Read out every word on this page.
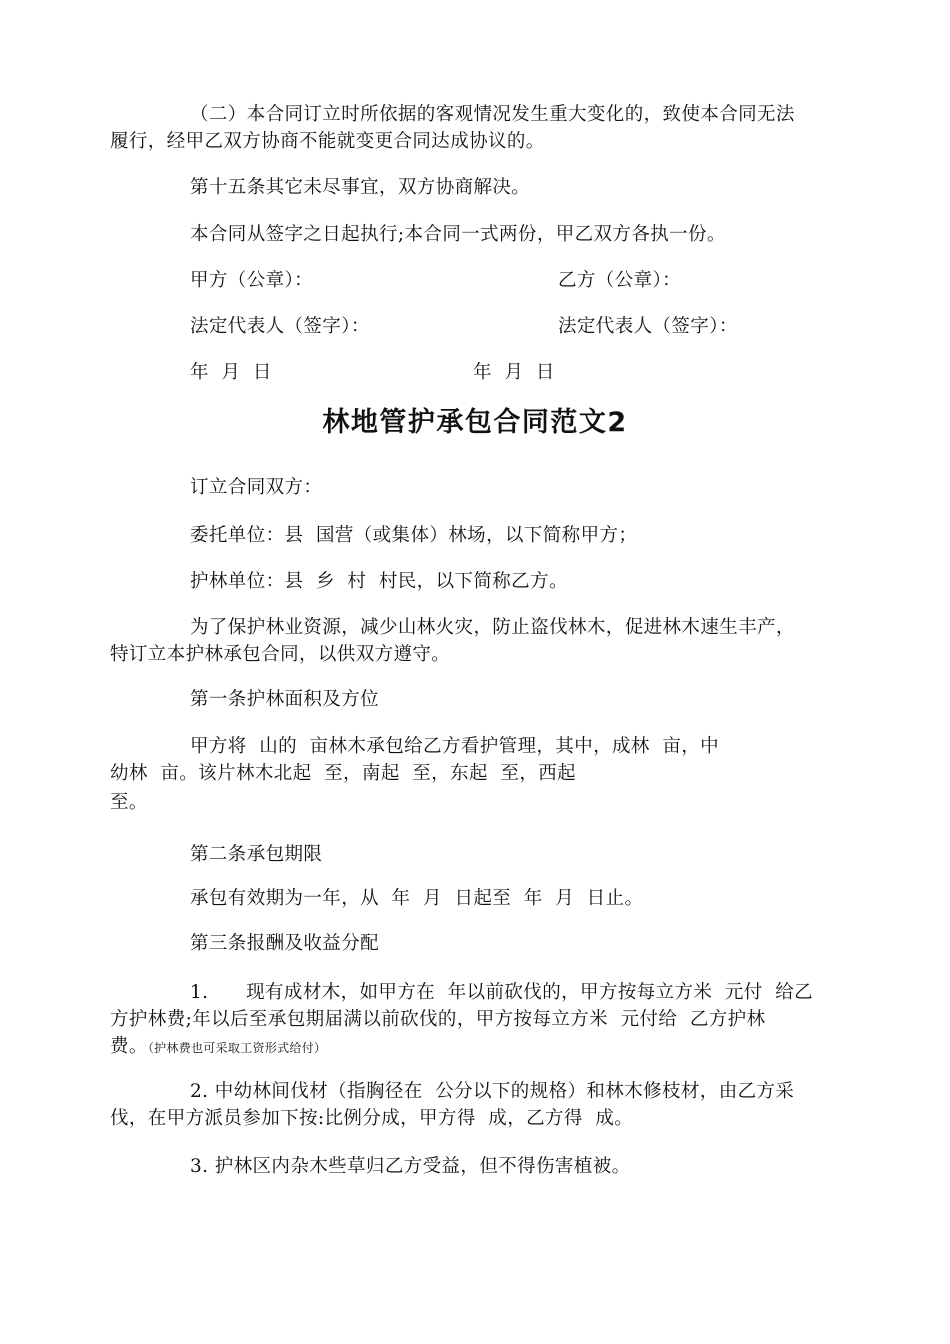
（二）本合同订立时所依据的客观情况发生重大变化的，致使本合同无法
履行，经甲乙双方协商不能就变更合同达成协议的。
第十五条其它未尽事宜，双方协商解决。
本合同从签字之日起执行;本合同一式两份，甲乙双方各执一份。
甲方（公章）：	乙方（公章）：
法定代表人（签字）：	法定代表人（签字）：
年  月  日	年  月  日
林地管护承包合同范文2
订立合同双方：
委托单位：县  国营（或集体）林场，以下简称甲方；
护林单位：县  乡  村  村民，以下简称乙方。
为了保护林业资源，减少山林火灾，防止盗伐林木，促进林木速生丰产，
特订立本护林承包合同，以供双方遵守。
第一条护林面积及方位
甲方将  山的  亩林木承包给乙方看护管理，其中，成林  亩，中
幼林  亩。该片林木北起  至，南起  至，东起  至，西起
至。
第二条承包期限
承包有效期为一年，从  年  月  日起至  年  月  日止。
第三条报酬及收益分配
1.      现有成材木，如甲方在  年以前砍伐的，甲方按每立方米  元付  给乙
方护林费;年以后至承包期届满以前砍伐的，甲方按每立方米  元付给  乙方护林
费。（护林费也可采取工资形式给付）
2. 中幼林间伐材（指胸径在  公分以下的规格）和林木修枝材，由乙方采
伐，在甲方派员参加下按:比例分成，甲方得  成，乙方得  成。
3. 护林区内杂木些草归乙方受益，但不得伤害植被。
